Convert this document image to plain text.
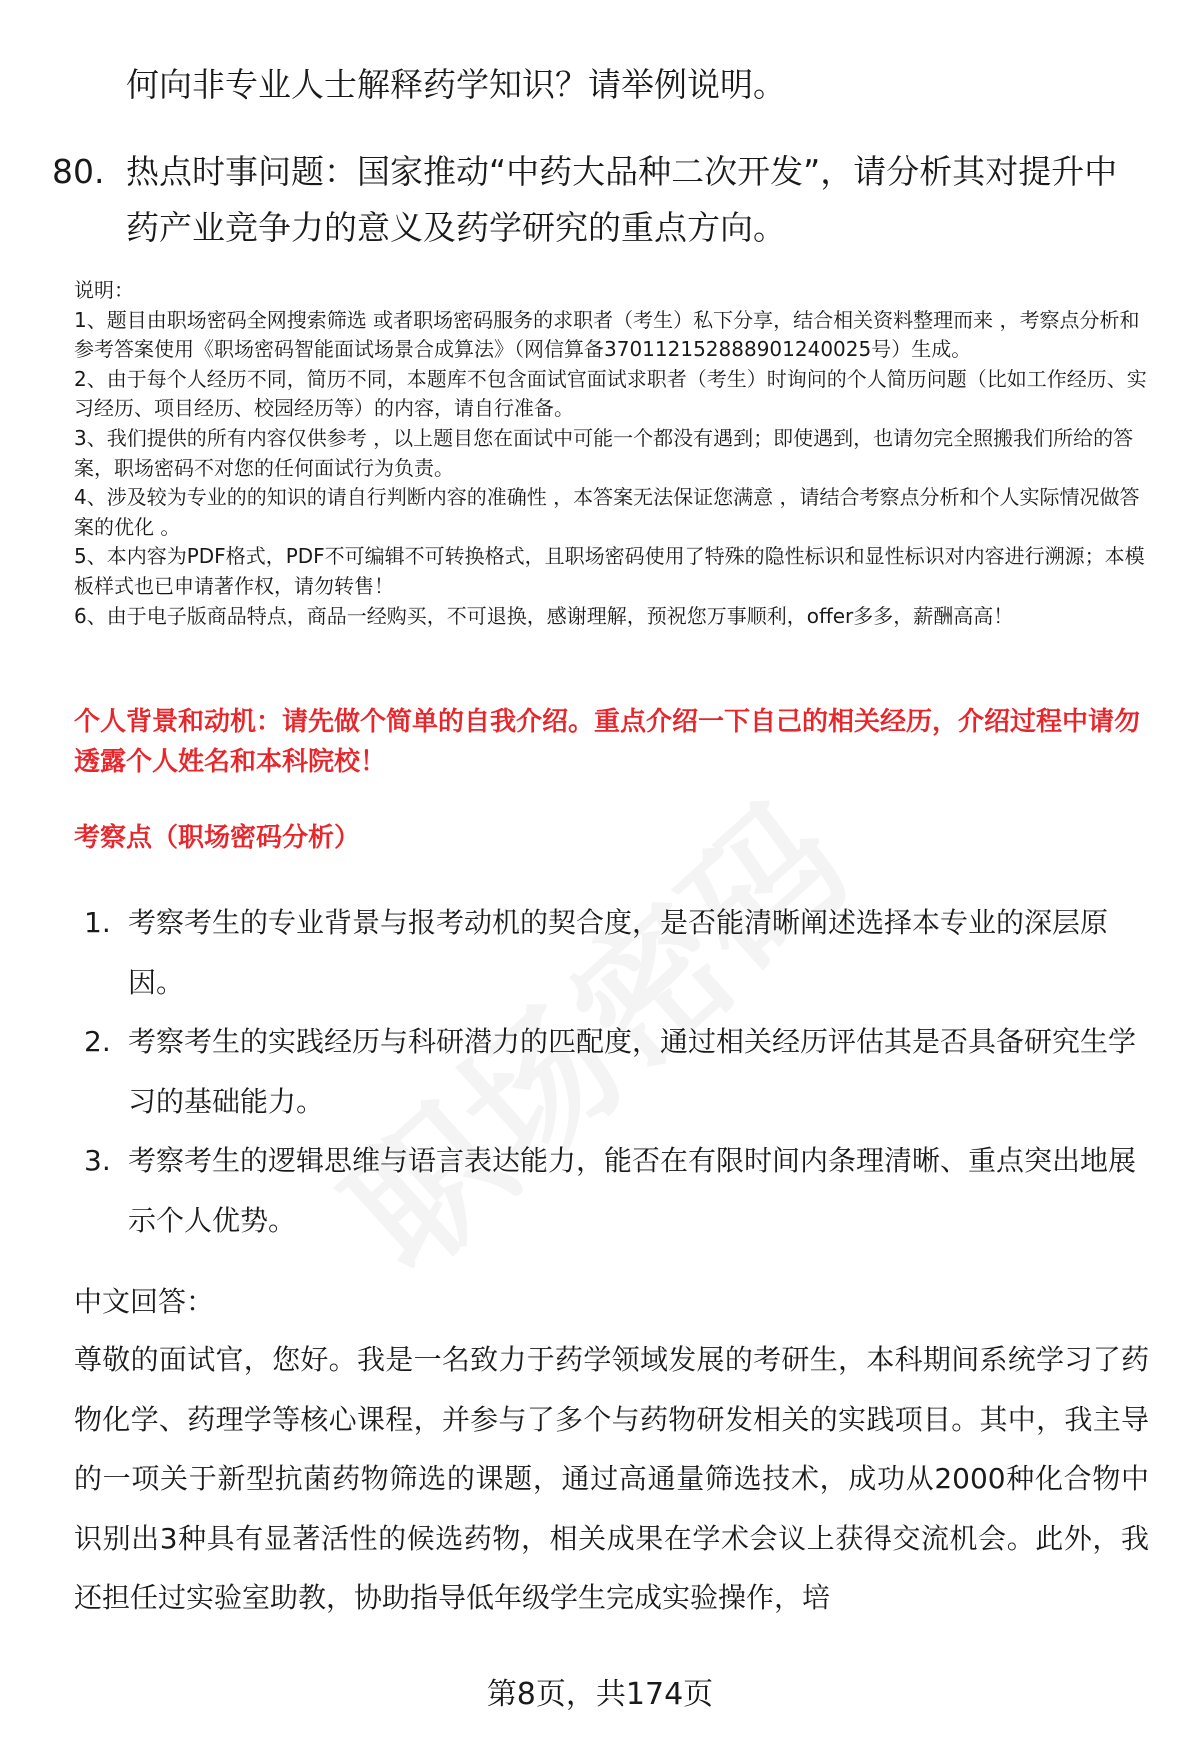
何向非专业人士解释药学知识？请举例说明。

80. 热点时事问题：国家推动“中药大品种二次开发”，请分析其对提升中药产业竞争力的意义及药学研究的重点方向。

说明：

1、题目由职场密码全网搜索筛选 或者职场密码服务的求职者（考生）私下分享，结合相关资料整理而来 ，考察点分析和参考答案使用《职场密码智能面试场景合成算法》（网信算备370112152888901240025号）生成。

2、由于每个人经历不同，简历不同，本题库不包含面试官面试求职者（考生）时询问的个人简历问题（比如工作经历、实习经历、项目经历、校园经历等）的内容，请自行准备。

3、我们提供的所有内容仅供参考 ，以上题目您在面试中可能一个都没有遇到；即使遇到，也请勿完全照搬我们所给的答案，职场密码不对您的任何面试行为负责。

4、涉及较为专业的的知识的请自行判断内容的准确性 ，本答案无法保证您满意 ，请结合考察点分析和个人实际情况做答案的优化 。

5、本内容为PDF格式，PDF不可编辑不可转换格式，且职场密码使用了特殊的隐性标识和显性标识对内容进行溯源；本模板样式也已申请著作权，请勿转售！

6、由于电子版商品特点，商品一经购买，不可退换，感谢理解，预祝您万事顺利，offer多多，薪酬高高！

个人背景和动机：请先做个简单的自我介绍。重点介绍一下自己的相关经历，介绍过程中请勿透露个人姓名和本科院校！

考察点（职场密码分析）

1. 考察考生的专业背景与报考动机的契合度，是否能清晰阐述选择本专业的深层原因。
2. 考察考生的实践经历与科研潜力的匹配度，通过相关经历评估其是否具备研究生学习的基础能力。
3. 考察考生的逻辑思维与语言表达能力，能否在有限时间内条理清晰、重点突出地展示个人优势。

中文回答：

尊敬的面试官，您好。我是一名致力于药学领域发展的考研生，本科期间系统学习了药物化学、药理学等核心课程，并参与了多个与药物研发相关的实践项目。其中，我主导的一项关于新型抗菌药物筛选的课题，通过高通量筛选技术，成功从2000种化合物中识别出3种具有显著活性的候选药物，相关成果在学术会议上获得交流机会。此外，我还担任过实验室助教，协助指导低年级学生完成实验操作，培

第8页，共174页
